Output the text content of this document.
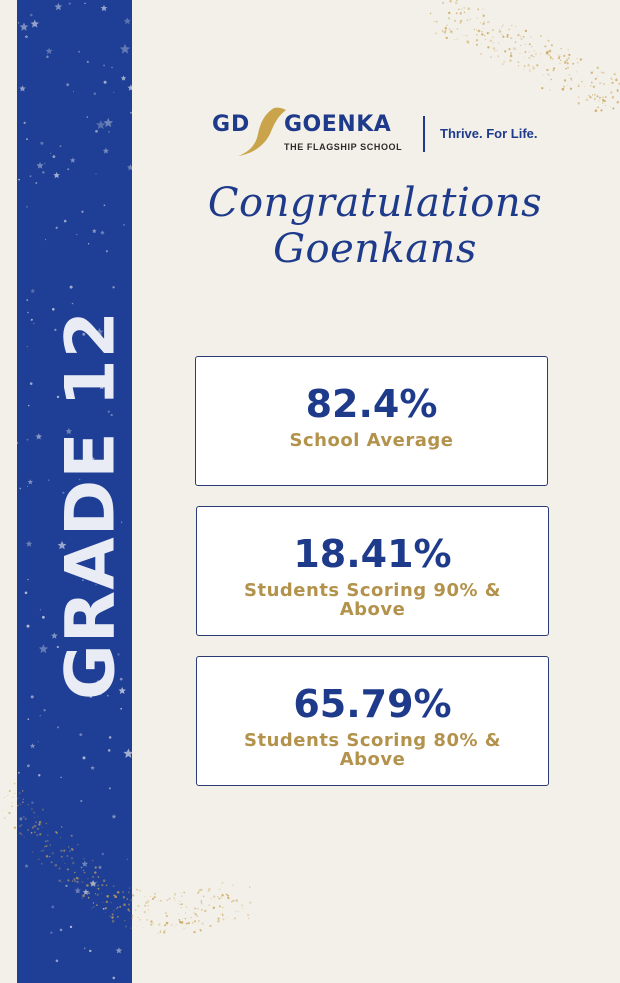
GRADE 12
GD GOENKA
THE FLAGSHIP SCHOOL
Thrive. For Life.
Congratulations Goenkans
82.4%
School Average
18.41%
Students Scoring 90% & Above
65.79%
Students Scoring 80% & Above
